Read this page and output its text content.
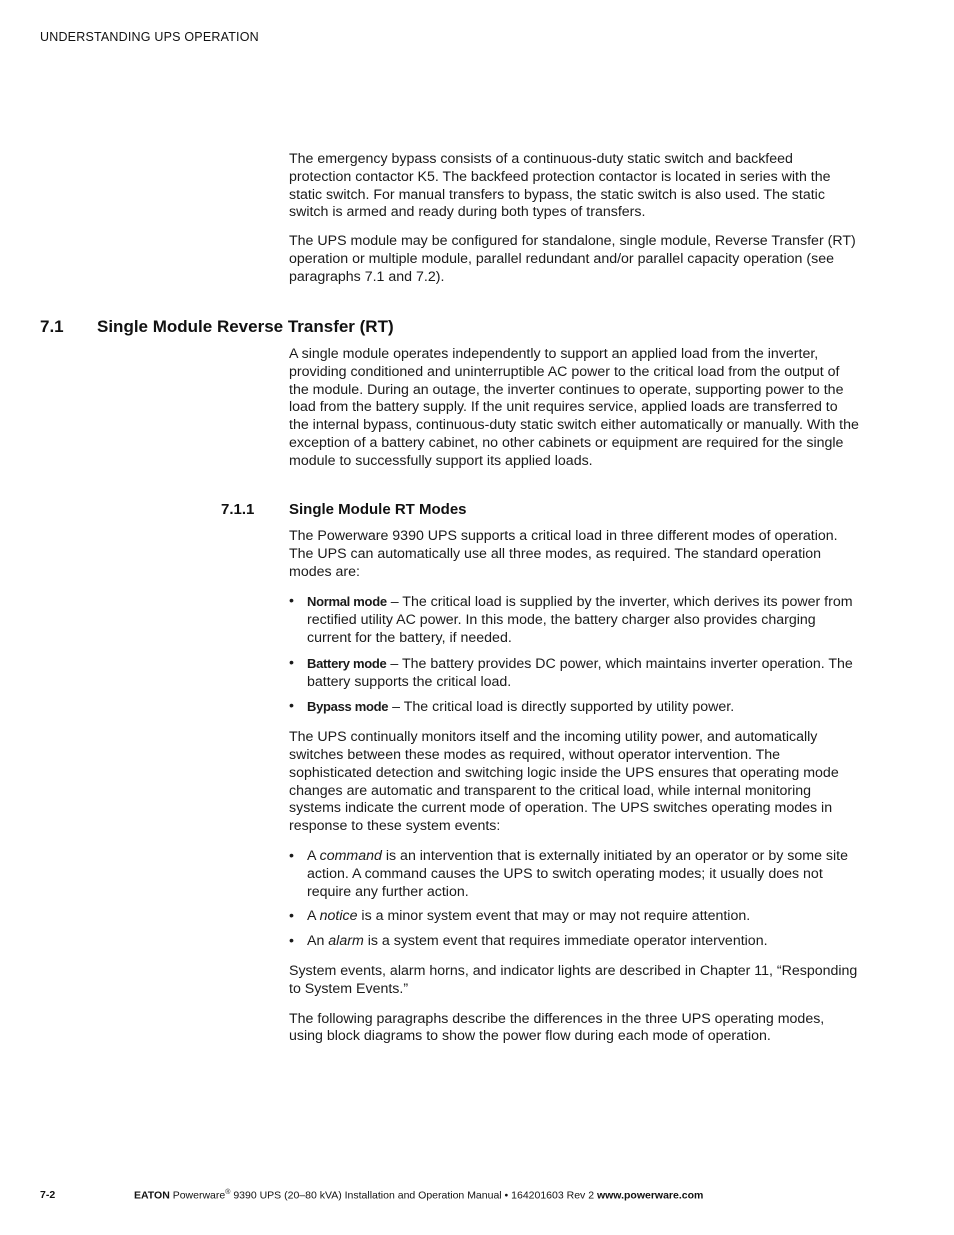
UNDERSTANDING UPS OPERATION

The emergency bypass consists of a continuous-duty static switch and backfeed protection contactor K5. The backfeed protection contactor is located in series with the static switch. For manual transfers to bypass, the static switch is also used. The static switch is armed and ready during both types of transfers.

The UPS module may be configured for standalone, single module, Reverse Transfer (RT) operation or multiple module, parallel redundant and/or parallel capacity operation (see paragraphs 7.1 and 7.2).

7.1 Single Module Reverse Transfer (RT)

A single module operates independently to support an applied load from the inverter, providing conditioned and uninterruptible AC power to the critical load from the output of the module. During an outage, the inverter continues to operate, supporting power to the load from the battery supply. If the unit requires service, applied loads are transferred to the internal bypass, continuous-duty static switch either automatically or manually. With the exception of a battery cabinet, no other cabinets or equipment are required for the single module to successfully support its applied loads.

7.1.1 Single Module RT Modes

The Powerware 9390 UPS supports a critical load in three different modes of operation. The UPS can automatically use all three modes, as required. The standard operation modes are:

• Normal mode – The critical load is supplied by the inverter, which derives its power from rectified utility AC power. In this mode, the battery charger also provides charging current for the battery, if needed.
• Battery mode – The battery provides DC power, which maintains inverter operation. The battery supports the critical load.
• Bypass mode – The critical load is directly supported by utility power.

The UPS continually monitors itself and the incoming utility power, and automatically switches between these modes as required, without operator intervention. The sophisticated detection and switching logic inside the UPS ensures that operating mode changes are automatic and transparent to the critical load, while internal monitoring systems indicate the current mode of operation. The UPS switches operating modes in response to these system events:

• A command is an intervention that is externally initiated by an operator or by some site action. A command causes the UPS to switch operating modes; it usually does not require any further action.
• A notice is a minor system event that may or may not require attention.
• An alarm is a system event that requires immediate operator intervention.

System events, alarm horns, and indicator lights are described in Chapter 11, “Responding to System Events.”

The following paragraphs describe the differences in the three UPS operating modes, using block diagrams to show the power flow during each mode of operation.

7-2	EATON Powerware® 9390 UPS (20–80 kVA) Installation and Operation Manual • 164201603 Rev 2 www.powerware.com
